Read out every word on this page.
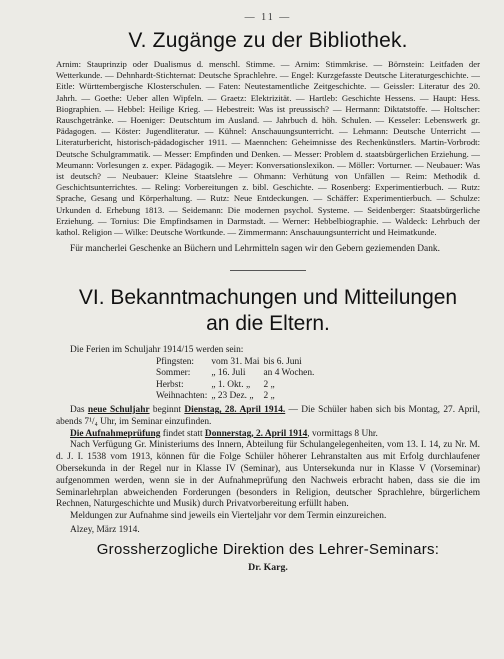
— 11 —
V. Zugänge zu der Bibliothek.

Arnim: Stauprinzip oder Dualismus d. menschl. Stimme. — Arnim: Stimmkrise. — Börnstein: Leitfaden der Wetterkunde. — Dehnhardt-Stichternat: Deutsche Sprachlehre. — Engel: Kurzgefasste Deutsche Literaturgeschichte. — Eitle: Württembergische Klosterschulen. — Faten: Neutestamentliche Zeitgeschichte. — Geissler: Literatur des 20. Jahrh. — Goethe: Ueber allen Wipfeln. — Graetz: Elektrizität. — Hartleb: Geschichte Hessens. — Haupt: Hess. Biographien. — Hebbel: Heilige Krieg. — Hebestreit: Was ist preussisch? — Hermann: Diktatstoffe. — Holtscher: Rauschgetränke. — Hoeniger: Deutschtum im Ausland. — Jahrbuch d. höh. Schulen. — Kesseler: Lebenswerk gr. Pädagogen. — Köster: Jugendliteratur. — Kühnel: Anschauungsunterricht. — Lehmann: Deutsche Unterricht — Literaturbericht, historisch-pädadogischer 1911. — Maennchen: Geheimnisse des Rechenkünstlers. Martin-Vorbrodt: Deutsche Schulgrammatik. — Messer: Empfinden und Denken. — Messer: Problem d. staatsbürgerlichen Erziehung. — Meumann: Vorlesungen z. exper. Pädagogik. — Meyer: Konversationslexikon. — Möller: Vorturner. — Neubauer: Was ist deutsch? — Neubauer: Kleine Staatslehre — Ohmann: Verhütung von Unfällen — Reim: Methodik d. Geschichtsunterrichtes. — Reling: Vorbereitungen z. bibl. Geschichte. — Rosenberg: Experimentierbuch. — Rutz: Sprache, Gesang und Körperhaltung. — Rutz: Neue Entdeckungen. — Schäffer: Experimentierbuch. — Schulze: Urkunden d. Erhebung 1813. — Seidemann: Die modernen psychol. Systeme. — Seidenberger: Staatsbürgerliche Erziehung. — Tornius: Die Empfindsamen in Darmstadt. — Werner: Hebbelbiographie. — Waldeck: Lehrbuch der kathol. Religion — Wilke: Deutsche Wortkunde. — Zimmermann: Anschauungsunterricht und Heimatkunde.

Für mancherlei Geschenke an Büchern und Lehrmitteln sagen wir den Gebern geziemenden Dank.

VI. Bekanntmachungen und Mitteilungen
an die Eltern.

Die Ferien im Schuljahr 1914/15 werden sein:

Pfingsten:	vom 31. Mai	bis 6. Juni
Sommer:	„ 16. Juli	an 4 Wochen.
Herbst:	„ 1. Okt. „	2 „
Weihnachten:	„ 23 Dez. „	2 „

Das neue Schuljahr beginnt Dienstag, 28. April 1914. — Die Schüler haben sich bis Montag, 27. April, abends 7¹/₄ Uhr, im Seminar einzufinden.

Die Aufnahmeprüfung findet statt Donnerstag, 2. April 1914, vormittags 8 Uhr.

Nach Verfügung Gr. Ministeriums des Innern, Abteilung für Schulangelegenheiten, vom 13. I. 14, zu Nr. M. d. J. I. 1538 vom 1913, können für die Folge Schüler höherer Lehranstalten aus mit Erfolg durchlaufener Obersekunda in der Regel nur in Klasse IV (Seminar), aus Untersekunda nur in Klasse V (Vorseminar) aufgenommen werden, wenn sie in der Aufnahmeprüfung den Nachweis erbracht haben, dass sie die im Seminarlehrplan abweichenden Forderungen (besonders in Religion, deutscher Sprachlehre, bürgerlichem Rechnen, Naturgeschichte und Musik) durch Privatvorbereitung erfüllt haben.

Meldungen zur Aufnahme sind jeweils ein Vierteljahr vor dem Termin einzureichen.

Alzey, März 1914.

Grossherzogliche Direktion des Lehrer-Seminars:

Dr. Karg.
